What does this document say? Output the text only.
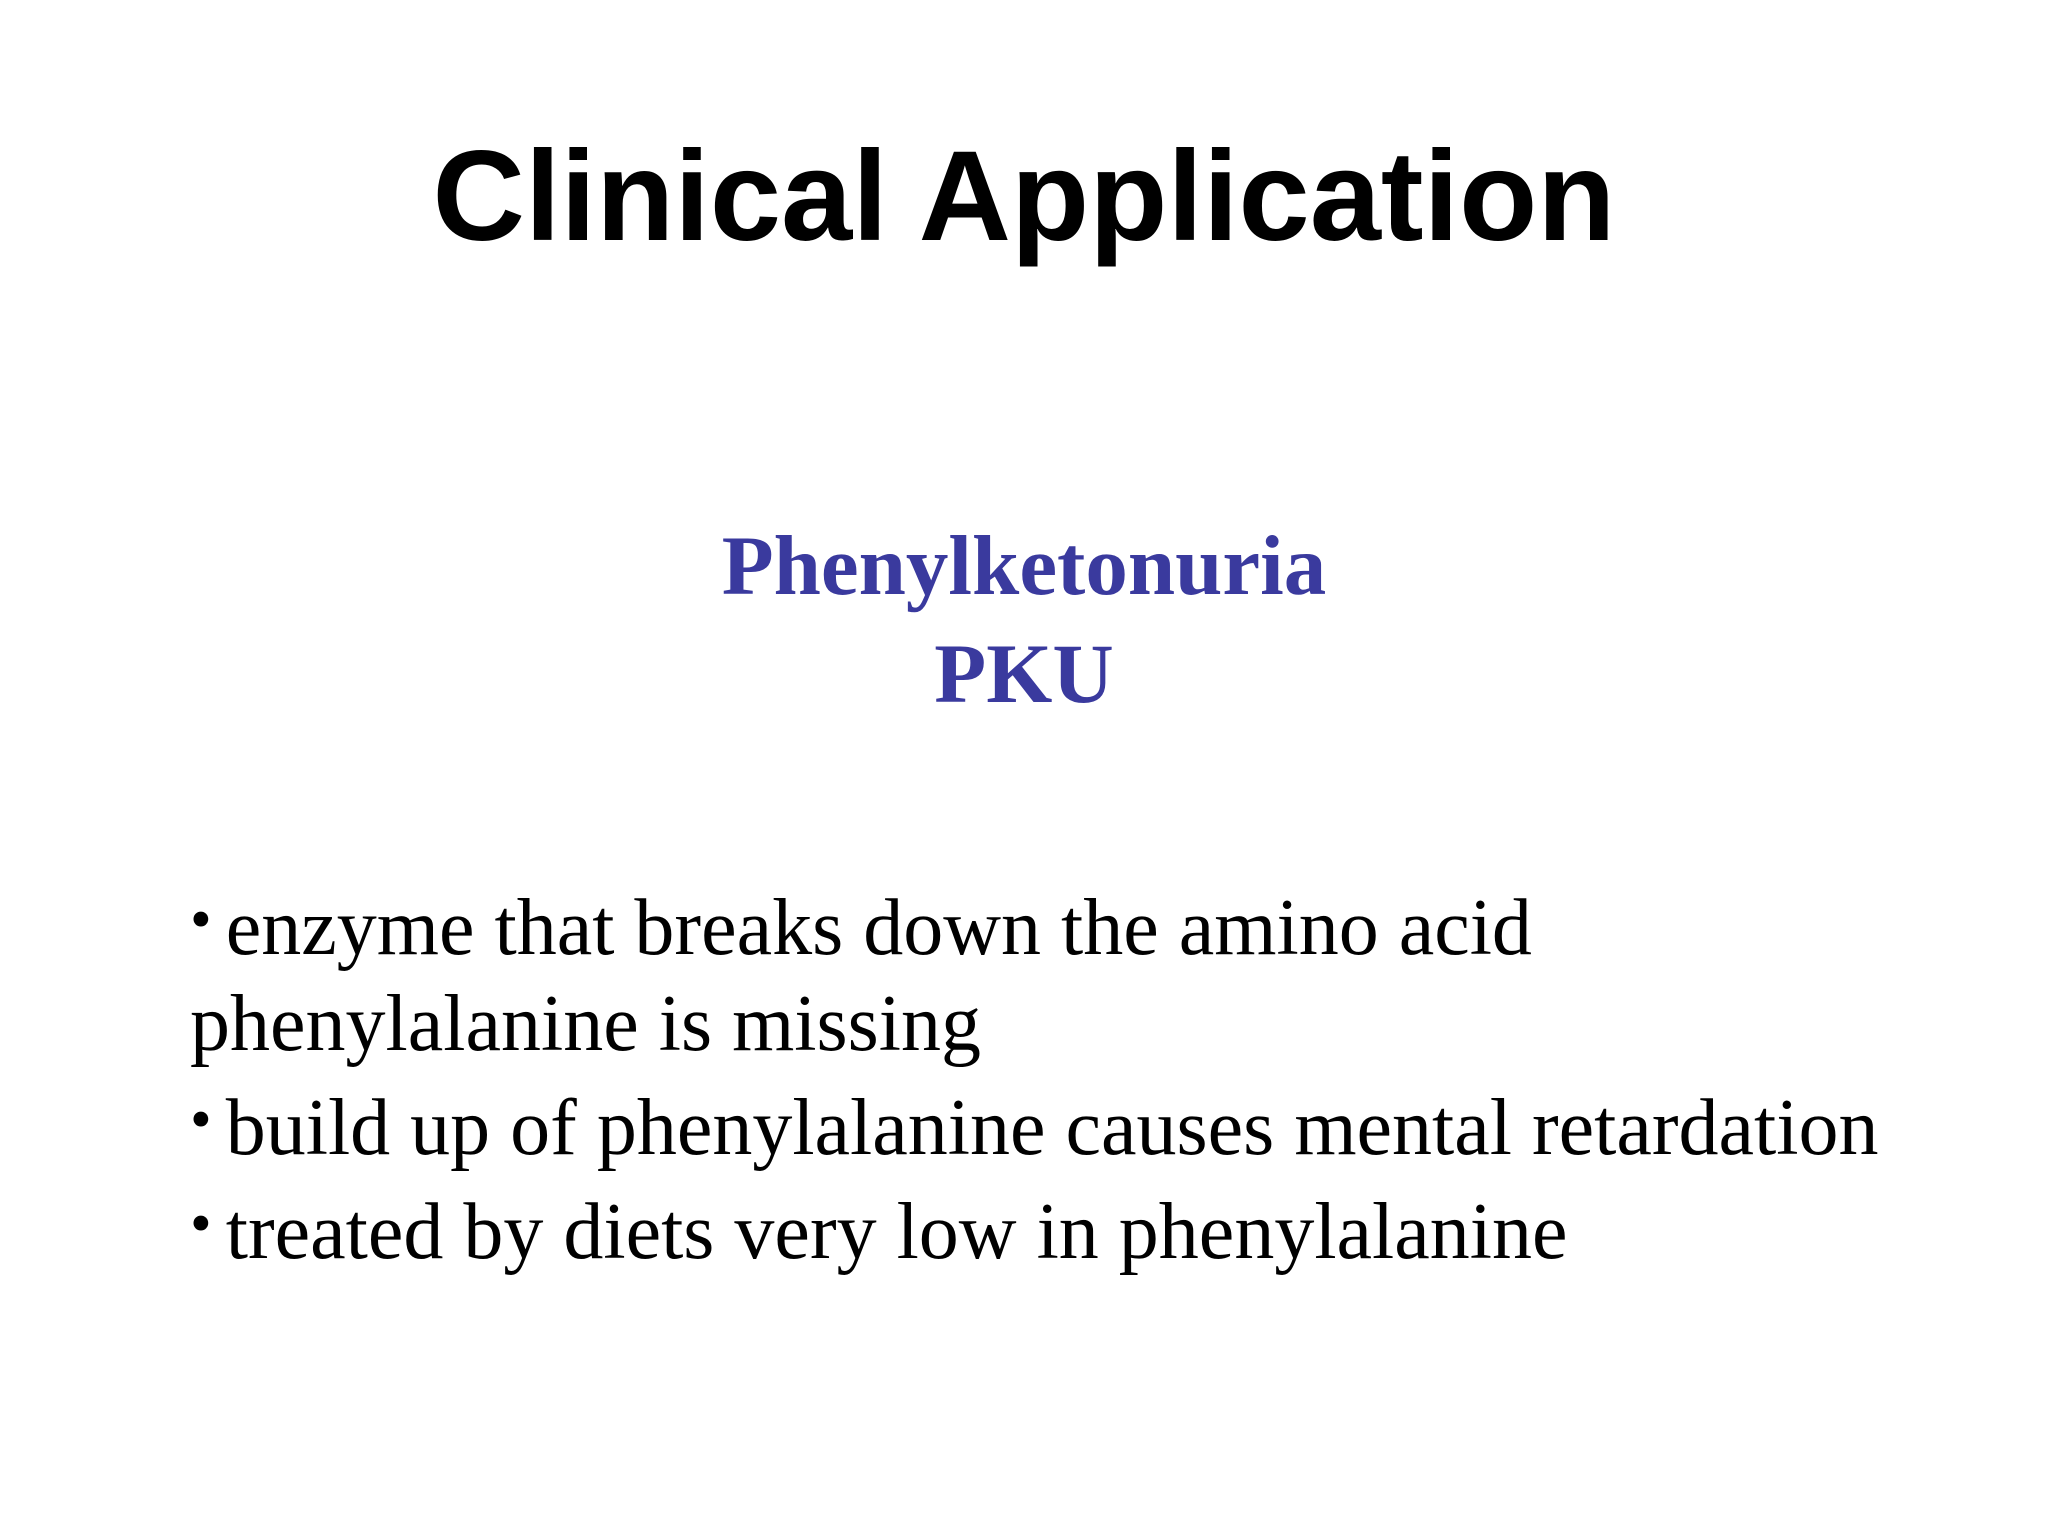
Clinical Application
Phenylketonuria
PKU
• enzyme that breaks down the amino acid phenylalanine is missing
• build up of phenylalanine causes mental retardation
• treated by diets very low in phenylalanine
